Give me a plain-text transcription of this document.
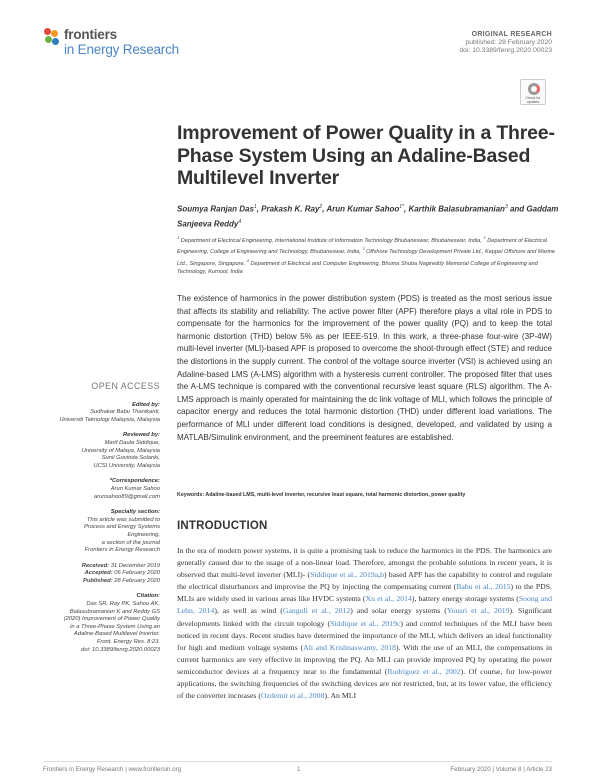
frontiers
in Energy Research
ORIGINAL RESEARCH
published: 28 February 2020
doi: 10.3389/fenrg.2020.00023
Check for updates
Improvement of Power Quality in a Three-Phase System Using an Adaline-Based Multilevel Inverter
Soumya Ranjan Das$^1$, Prakash K. Ray$^2$, Arun Kumar Sahoo$^{1*}$, Karthik Balasubramanian$^3$ and Gaddam Sanjeeva Reddy$^4$
$^1$ Department of Electrical Engineering, International Institute of Information Technology Bhubaneswar, Bhubaneswar, India, $^2$ Department of Electrical Engineering, College of Engineering and Technology, Bhubaneswar, India, $^3$ Offshore Technology Development Private Ltd., Keppel Offshore and Marine Ltd., Singapore, Singapore, $^4$ Department of Electrical and Computer Engineering, Bhuma Shoba Nagireddy Memorial College of Engineering and Technology, Kurnool, India

The existence of harmonics in the power distribution system (PDS) is treated as the most serious issue that affects its stability and reliability. The active power filter (APF) therefore plays a vital role in PDS to compensate for the harmonics for the improvement of the power quality (PQ) and to keep the total harmonic distortion (THD) below 5% as per IEEE-519. In this work, a three-phase four-wire (3P-4W) multi-level inverter (MLI)-based APF is proposed to overcome the shoot-through effect (STE) and reduce the distortions in the supply current. The control of the voltage source inverter (VSI) is achieved using an Adaline-based LMS (A-LMS) algorithm with a hysteresis current controller. The proposed filter that uses the A-LMS technique is compared with the conventional recursive least square (RLS) algorithm. The A-LMS approach is mainly operated for maintaining the dc link voltage of MLI, which follows the principle of capacitor energy and reduces the total harmonic distortion (THD) under different load variations. The performance of MLI under different load conditions is designed, developed, and validated by using a MATLAB/Simulink environment, and the preeminent features are established.

Keywords: Adaline-based LMS, multi-level inverter, recursive least square, total harmonic distortion, power quality
INTRODUCTION

In the era of modern power systems, it is quite a promising task to reduce the harmonics in the PDS. The harmonics are generally caused due to the usage of a non-linear load. Therefore, amongst the probable solutions in recent years, it is observed that multi-level inverter (MLI)- (Siddique et al., 2019a,b) based APF has the capability to control and regulate the electrical disturbances and improvise the PQ by injecting the compensating current (Babu et al., 2015) to the PDS. MLIs are widely used in various areas like HVDC systems (Xu et al., 2014), battery energy storage systems (Soong and Lehn, 2014), as well as wind (Ganguli et al., 2012) and solar energy systems (Yousri et al., 2019). Significant developments linked with the circuit topology (Siddique et al., 2019c) and control techniques of the MLI have been noticed in recent days. Recent studies have determined the importance of the MLI, which delivers an ideal functionality for high and medium voltage systems (Ali and Krishnaswamy, 2018). With the use of an MLI, the compensations in current harmonics are very effective in improving the PQ. An MLI can provide improved PQ by operating the power semiconductor devices at a frequency near to the fundamental (Rodriguez et al., 2002). Of course, for low-power applications, the switching frequencies of the switching devices are not restricted, but, at its lower value, the efficiency of the converter increases (Ozdemir et al., 2008). An MLI

OPEN ACCESS
Edited by:
Sudhakar Babu Thanikanti,
Universiti Teknologi Malaysia, Malaysia
Reviewed by:
Marif Daula Siddique,
University of Malaya, Malaysia
Sunil Govinda Solanki,
UCSI University, Malaysia
*Correspondence:
Arun Kumar Sahoo
arunsahoo89@gmail.com
Specialty section:
This article was submitted to
Process and Energy Systems
Engineering,
a section of the journal
Frontiers in Energy Research
Received: 31 December 2019
Accepted: 06 February 2020
Published: 28 February 2020
Citation:
Das SR, Ray PK, Sahoo AK,
Balasubramanian K and Reddy GS
(2020) Improvement of Power Quality
in a Three-Phase System Using an
Adaline-Based Multilevel Inverter.
Front. Energy Res. 8:23.
doi: 10.3389/fenrg.2020.00023
Frontiers in Energy Research | www.frontiersin.org	1	February 2020 | Volume 8 | Article 23
